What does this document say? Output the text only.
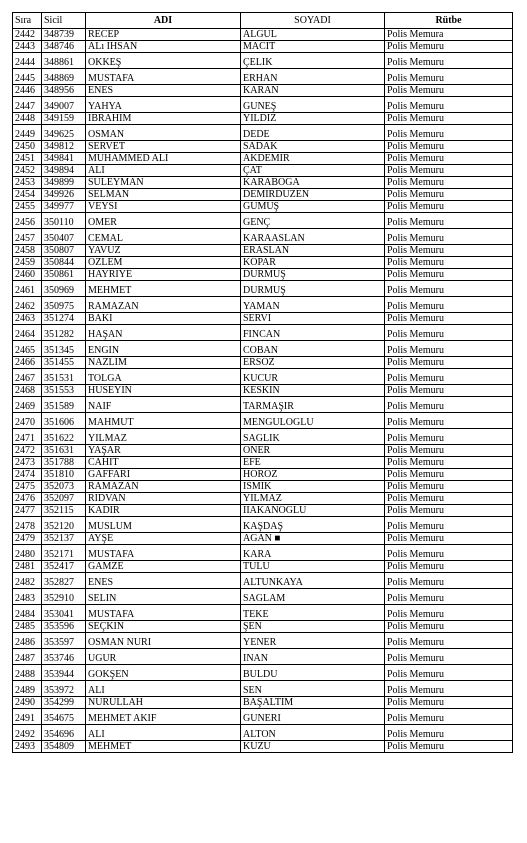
Sıra	Sicil	ADI	SOYADI	Rütbe
2442	348739	RECEP	ALGUL	Polis Memura
2443	348746	ALı IHSAN	MACIT	Polis Memuru
2444	348861	OKKEŞ	ÇELIK	Polis Memuru
2445	348869	MUSTAFA	ERHAN	Polis Memuru
2446	348956	ENES	KARAN	Polis Memuru
2447	349007	YAHYA	GUNEŞ	Polis Memuru
2448	349159	IBRAHIM	YILDIZ	Polis Memuru
2449	349625	OSMAN	DEDE	Polis Memuru
2450	349812	SERVET	SADAK	Polis Memuru
2451	349841	MUHAMMED ALI	AKDEMIR	Polis Memuru
2452	349894	ALI	ÇAT	Polis Memuru
2453	349899	SULEYMAN	KARABOGA	Polis Memuru
2454	349926	SELMAN	DEMIRDUZEN	Polis Memuru
2455	349977	VEYSI	GUMUŞ	Polis Memuru
2456	350110	OMER	GENÇ	Polis Memuru
2457	350407	CEMAL	KARAASLAN	Polis Memuru
2458	350807	YAVUZ	ERASLAN	Polis Memuru
2459	350844	OZLEM	KOPAR	Polis Memuru
2460	350861	HAYRIYE	DURMUŞ	Polis Memuru
2461	350969	MEHMET	DURMUŞ	Polis Memuru
2462	350975	RAMAZAN	YAMAN	Polis Memuru
2463	351274	BAKI	SERVI	Polis Memuru
2464	351282	HAŞAN	FINCAN	Polis Memuru
2465	351345	ENGIN	COBAN	Polis Memuru
2466	351455	NAZLIM	ERSOZ	Polis Memuru
2467	351531	TOLGA	KUCUR	Polis Memuru
2468	351553	HUSEYIN	KESKIN	Polis Memuru
2469	351589	NAIF	TARMAŞIR	Polis Memuru
2470	351606	MAHMUT	MENGULOGLU	Polis Memuru
2471	351622	YILMAZ	SAGLIK	Polis Memuru
2472	351631	YAŞAR	ONER	Polis Memuru
2473	351788	CAHIT	EFE	Polis Memuru
2474	351810	GAFFARI	HOROZ	Polis Memuru
2475	352073	RAMAZAN	ISMIK	Polis Memuru
2476	352097	RIDVAN	YILMAZ	Polis Memuru
2477	352115	KADIR	IIAKANOGLU	Polis Memuru
2478	352120	MUSLUM	KAŞDAŞ	Polis Memuru
2479	352137	AYŞE	AGAN ■	Polis Memuru
2480	352171	MUSTAFA	KARA	Polis Memuru
2481	352417	GAMZE	TULU	Polis Memuru
2482	352827	ENES	ALTUNKAYA	Polis Memuru
2483	352910	SELIN	SAGLAM	Polis Memuru
2484	353041	MUSTAFA	TEKE	Polis Memuru
2485	353596	SEÇKIN	ŞEN	Polis Memuru
2486	353597	OSMAN NURI	YENER	Polis Memuru
2487	353746	UGUR	INAN	Polis Memuru
2488	353944	GOKŞEN	BULDU	Polis Memuru
2489	353972	ALI	SEN	Polis Memuru
2490	354299	NURULLAH	BAŞALTIM	Polis Memuru
2491	354675	MEHMET AKIF	GUNERI	Polis Memuru
2492	354696	ALI	ALTON	Polis Memuru
2493	354809	MEHMET	KUZU	Polis Memuru
